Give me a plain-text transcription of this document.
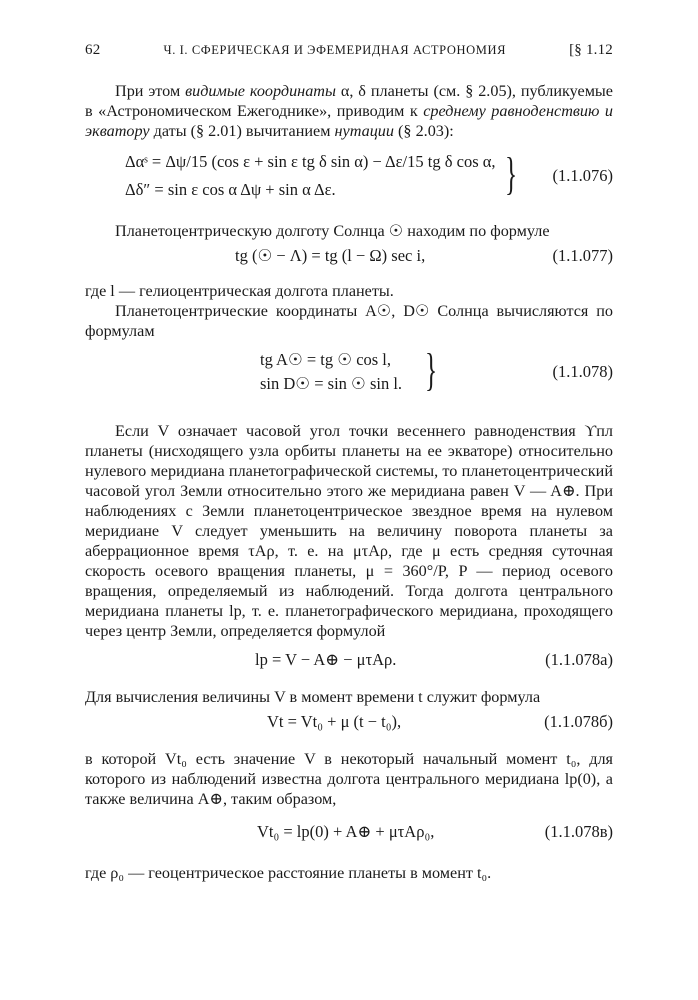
62	Ч. I. СФЕРИЧЕСКАЯ И ЭФЕМЕРИДНАЯ АСТРОНОМИЯ	[§ 1.12

При этом видимые координаты α, δ планеты (см. § 2.05), публикуемые в «Астрономическом Ежегоднике», приводим к среднему равноденствию и экватору даты (§ 2.01) вычитанием нутации (§ 2.03):

Δαˢ = Δψ/15 (cos ε + sin ε tg δ sin α) − Δε/15 tg δ cos α,
Δδ″ = sin ε cos α Δψ + sin α Δε.	} (1.1.076)

Планетоцентрическую долготу Солнца ☉ находим по формуле

tg (☉ − Λ) = tg (l − Ω) sec i,	(1.1.077)

где l — гелиоцентрическая долгота планеты.

Планетоцентрические координаты A☉, D☉ Солнца вычисляются по формулам

tg A☉ = tg ☉ cos l,
sin D☉ = sin ☉ sin l. }	(1.1.078)

Если V означает часовой угол точки весеннего равноденствия ϒпл планеты (нисходящего узла орбиты планеты на ее экваторе) относительно нулевого меридиана планетографической системы, то планетоцентрический часовой угол Земли относительно этого же меридиана равен V — A⊕. При наблюдениях с Земли планетоцентрическое звездное время на нулевом меридиане V следует уменьшить на величину поворота планеты за аберрационное время τAρ, т. е. на μτAρ, где μ есть средняя суточная скорость осевого вращения планеты, μ = 360°/P, P — период осевого вращения, определяемый из наблюдений. Тогда долгота центрального меридиана планеты lp, т. е. планетографического меридиана, проходящего через центр Земли, определяется формулой

lp = V − A⊕ − μτAρ.	(1.1.078а)

Для вычисления величины V в момент времени t служит формула

Vt = Vt₀ + μ (t − t₀),	(1.1.078б)

в которой Vt₀ есть значение V в некоторый начальный момент t₀, для которого из наблюдений известна долгота центрального меридиана lp(0), а также величина A⊕, таким образом,

Vt₀ = lp(0) + A⊕ + μτAρ₀,	(1.1.078в)

где ρ₀ — геоцентрическое расстояние планеты в момент t₀.
